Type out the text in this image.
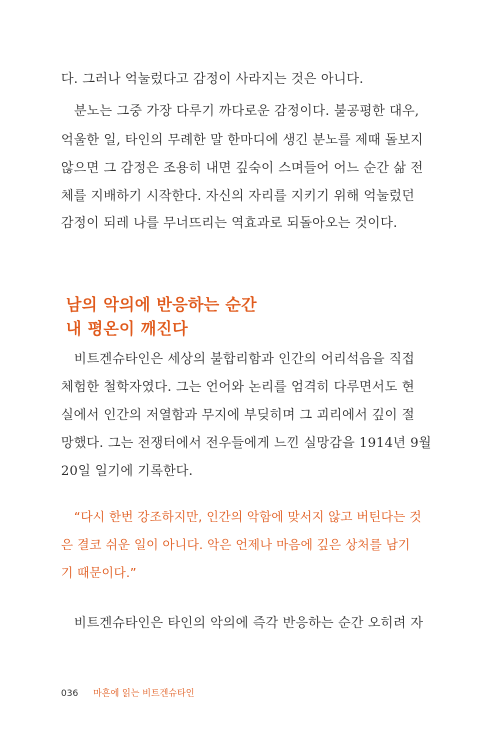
다. 그러나 억눌렀다고 감정이 사라지는 것은 아니다.
분노는 그중 가장 다루기 까다로운 감정이다. 불공평한 대우,
억울한 일, 타인의 무례한 말 한마디에 생긴 분노를 제때 돌보지
않으면 그 감정은 조용히 내면 깊숙이 스며들어 어느 순간 삶 전
체를 지배하기 시작한다. 자신의 자리를 지키기 위해 억눌렀던
감정이 되레 나를 무너뜨리는 역효과로 되돌아오는 것이다.
남의 악의에 반응하는 순간
내 평온이 깨진다
비트겐슈타인은 세상의 불합리함과 인간의 어리석음을 직접
체험한 철학자였다. 그는 언어와 논리를 엄격히 다루면서도 현
실에서 인간의 저열함과 무지에 부딪히며 그 괴리에서 깊이 절
망했다. 그는 전쟁터에서 전우들에게 느낀 실망감을 1914년 9월
20일 일기에 기록한다.
“다시 한번 강조하지만, 인간의 악함에 맞서지 않고 버틴다는 것
은 결코 쉬운 일이 아니다. 악은 언제나 마음에 깊은 상처를 남기
기 때문이다.”
비트겐슈타인은 타인의 악의에 즉각 반응하는 순간 오히려 자
036 마흔에 읽는 비트겐슈타인
